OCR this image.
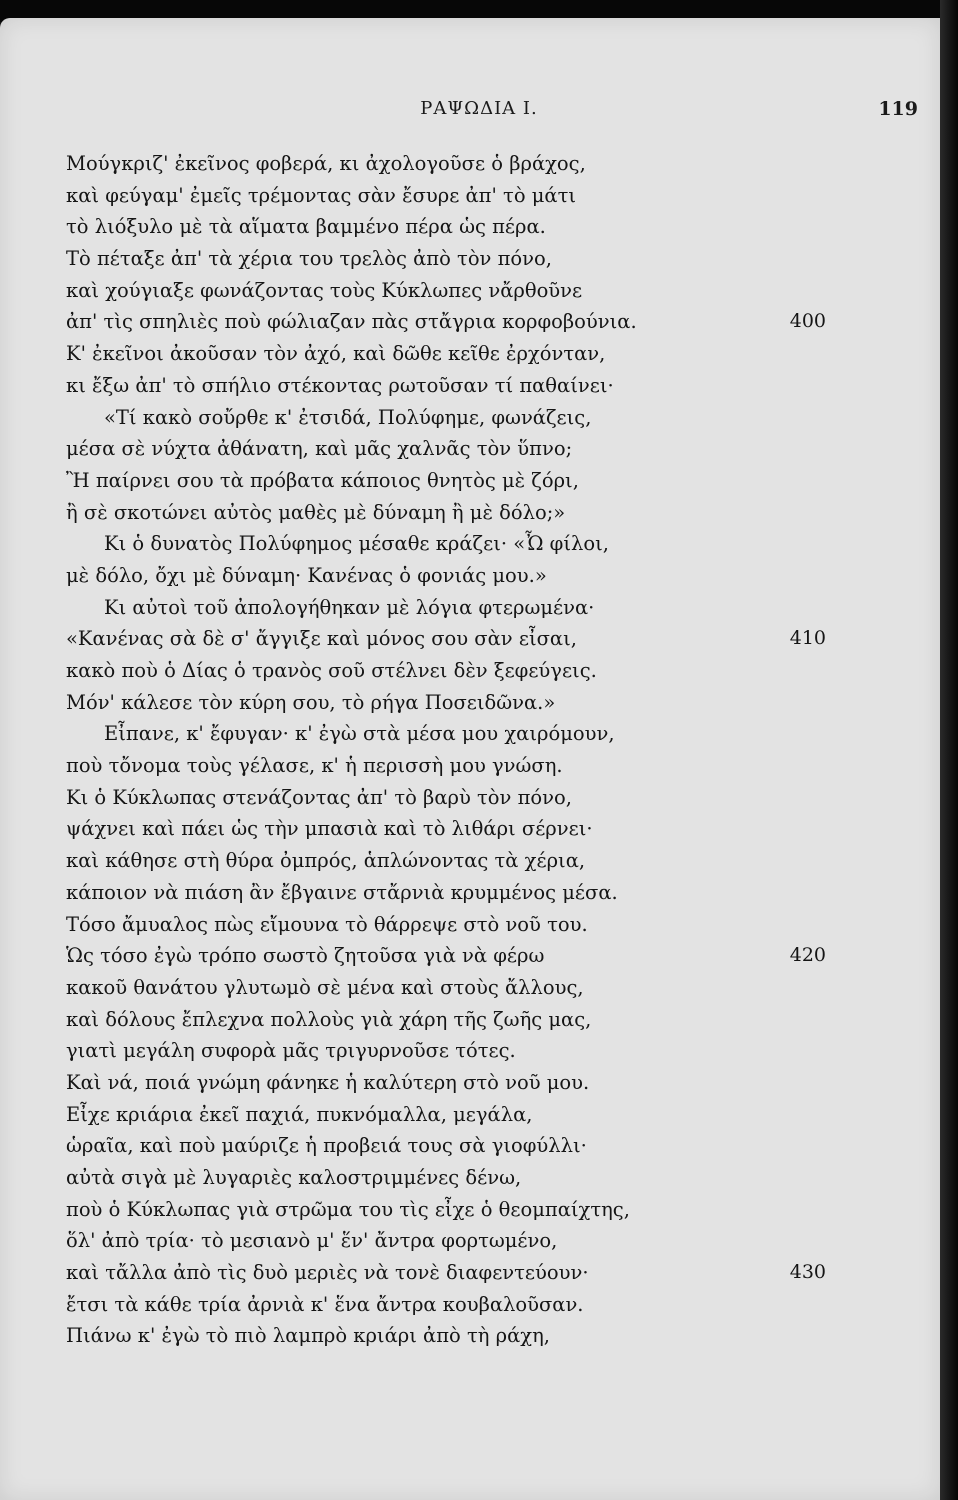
ΡΑΨΩΔΙΑ Ι.	119
Μούγκριζ' ἐκεῖνος φοβερά, κι ἀχολογοῦσε ὁ βράχος,
καὶ φεύγαμ' ἐμεῖς τρέμοντας σὰν ἔσυρε ἀπ' τὸ μάτι
τὸ λιόξυλο μὲ τὰ αἵματα βαμμένο πέρα ὡς πέρα.
Τὸ πέταξε ἀπ' τὰ χέρια του τρελὸς ἀπὸ τὸν πόνο,
καὶ χούγιαξε φωνάζοντας τοὺς Κύκλωπες νἄρθοῦνε
ἀπ' τὶς σπηλιὲς ποὺ φώλιαζαν πὰς στἄγρια κορφοβούνια.	400
Κ' ἐκεῖνοι ἀκοῦσαν τὸν ἀχό, καὶ δῶθε κεῖθε ἐρχόνταν,
κι ἔξω ἀπ' τὸ σπήλιο στέκοντας ρωτοῦσαν τί παθαίνει·
«Τί κακὸ σοὔρθε κ' ἐτσιδά, Πολύφημε, φωνάζεις,
μέσα σὲ νύχτα ἀθάνατη, καὶ μᾶς χαλνᾶς τὸν ὕπνο;
Ἢ παίρνει σου τὰ πρόβατα κάποιος θνητὸς μὲ ζόρι,
ἢ σὲ σκοτώνει αὐτὸς μαθὲς μὲ δύναμη ἢ μὲ δόλο;»
Κι ὁ δυνατὸς Πολύφημος μέσαθε κράζει· «Ὦ φίλοι,
μὲ δόλο, ὄχι μὲ δύναμη· Κανένας ὁ φονιάς μου.»
Κι αὐτοὶ τοῦ ἀπολογήθηκαν μὲ λόγια φτερωμένα·
«Κανένας σὰ δὲ σ' ἄγγιξε καὶ μόνος σου σὰν εἶσαι,	410
κακὸ ποὺ ὁ Δίας ὁ τρανὸς σοῦ στέλνει δὲν ξεφεύγεις.
Μόν' κάλεσε τὸν κύρη σου, τὸ ρήγα Ποσειδῶνα.»
Εἶπανε, κ' ἔφυγαν· κ' ἐγὼ στὰ μέσα μου χαιρόμουν,
ποὺ τὄνομα τοὺς γέλασε, κ' ἡ περισσὴ μου γνώση.
Κι ὁ Κύκλωπας στενάζοντας ἀπ' τὸ βαρὺ τὸν πόνο,
ψάχνει καὶ πάει ὡς τὴν μπασιὰ καὶ τὸ λιθάρι σέρνει·
καὶ κάθησε στὴ θύρα ὀμπρός, ἁπλώνοντας τὰ χέρια,
κάποιον νὰ πιάση ἂν ἔβγαινε στἄρνιὰ κρυμμένος μέσα.
Τόσο ἄμυαλος πὼς εἴμουνα τὸ θάρρεψε στὸ νοῦ του.
Ὡς τόσο ἐγὼ τρόπο σωστὸ ζητοῦσα γιὰ νὰ φέρω	420
κακοῦ θανάτου γλυτωμὸ σὲ μένα καὶ στοὺς ἄλλους,
καὶ δόλους ἔπλεχνα πολλοὺς γιὰ χάρη τῆς ζωῆς μας,
γιατὶ μεγάλη συφορὰ μᾶς τριγυρνοῦσε τότες.
Καὶ νά, ποιά γνώμη φάνηκε ἡ καλύτερη στὸ νοῦ μου.
Εἶχε κριάρια ἐκεῖ παχιά, πυκνόμαλλα, μεγάλα,
ὡραῖα, καὶ ποὺ μαύριζε ἡ προβειά τους σὰ γιοφύλλι·
αὐτὰ σιγὰ μὲ λυγαριὲς καλοστριμμένες δένω,
ποὺ ὁ Κύκλωπας γιὰ στρῶμα του τὶς εἶχε ὁ θεομπαίχτης,
ὅλ' ἀπὸ τρία· τὸ μεσιανὸ μ' ἕν' ἄντρα φορτωμένο,
καὶ τἄλλα ἀπὸ τὶς δυὸ μεριὲς νὰ τονὲ διαφεντεύουν·	430
ἔτσι τὰ κάθε τρία ἀρνιὰ κ' ἕνα ἄντρα κουβαλοῦσαν.
Πιάνω κ' ἐγὼ τὸ πιὸ λαμπρὸ κριάρι ἀπὸ τὴ ράχη,
